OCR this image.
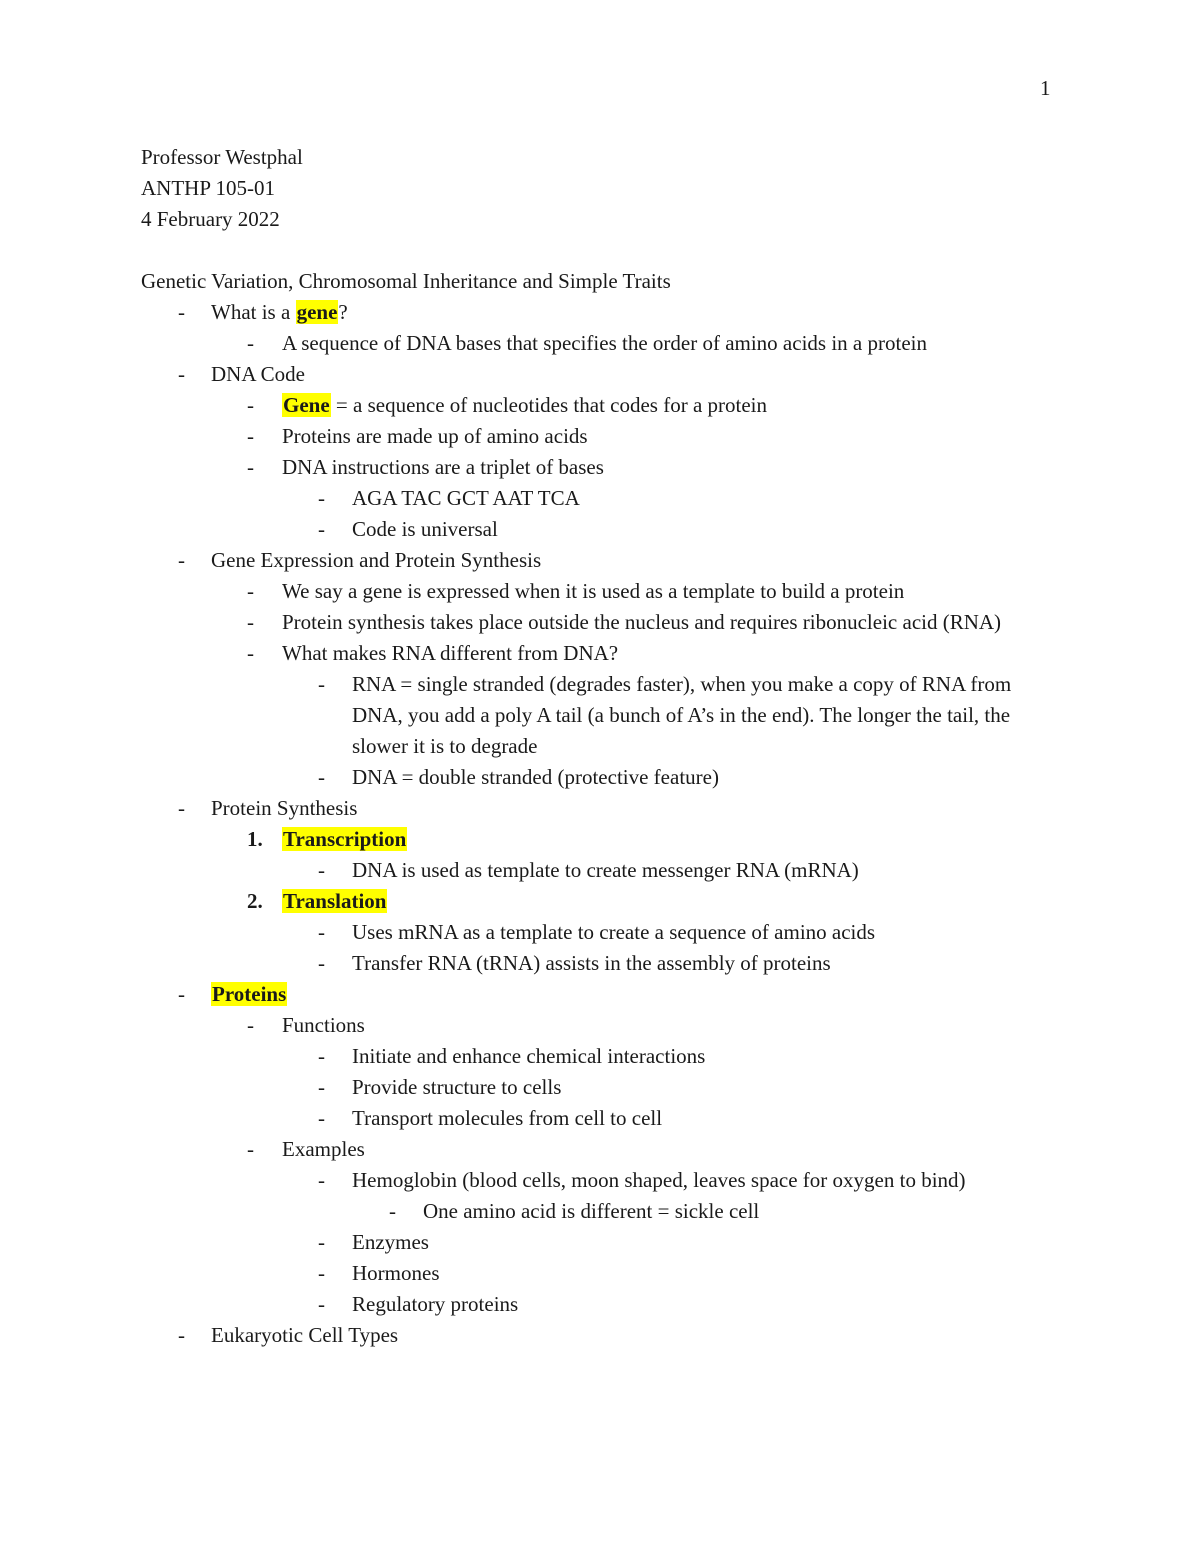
1
Professor Westphal
ANTHP 105-01
4 February 2022
Genetic Variation, Chromosomal Inheritance and Simple Traits
- What is a gene?
- A sequence of DNA bases that specifies the order of amino acids in a protein
- DNA Code
- Gene = a sequence of nucleotides that codes for a protein
- Proteins are made up of amino acids
- DNA instructions are a triplet of bases
- AGA TAC GCT AAT TCA
- Code is universal
- Gene Expression and Protein Synthesis
- We say a gene is expressed when it is used as a template to build a protein
- Protein synthesis takes place outside the nucleus and requires ribonucleic acid (RNA)
- What makes RNA different from DNA?
- RNA = single stranded (degrades faster), when you make a copy of RNA from DNA, you add a poly A tail (a bunch of A’s in the end). The longer the tail, the slower it is to degrade
- DNA = double stranded (protective feature)
- Protein Synthesis
1. Transcription
- DNA is used as template to create messenger RNA (mRNA)
2. Translation
- Uses mRNA as a template to create a sequence of amino acids
- Transfer RNA (tRNA) assists in the assembly of proteins
- Proteins
- Functions
- Initiate and enhance chemical interactions
- Provide structure to cells
- Transport molecules from cell to cell
- Examples
- Hemoglobin (blood cells, moon shaped, leaves space for oxygen to bind)
- One amino acid is different = sickle cell
- Enzymes
- Hormones
- Regulatory proteins
- Eukaryotic Cell Types
